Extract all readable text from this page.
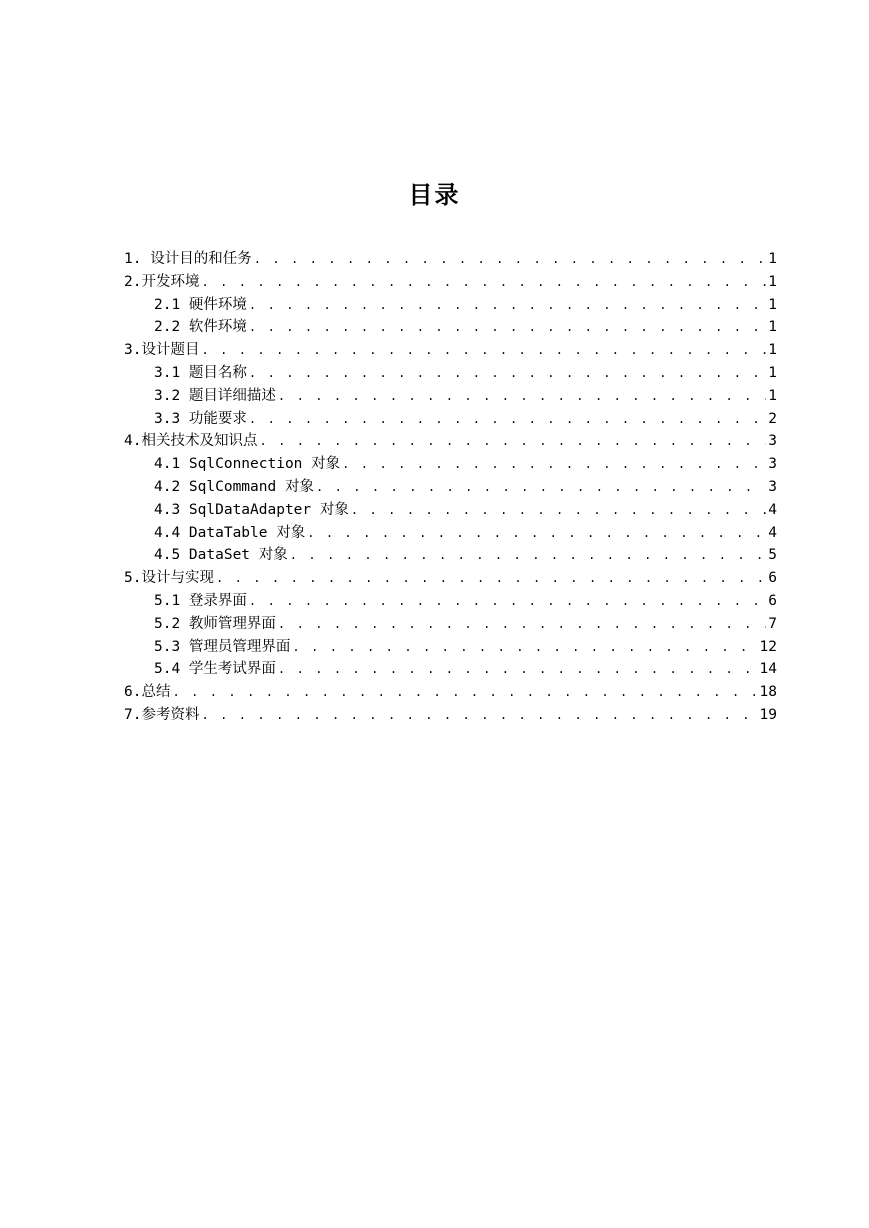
目录
1. 设计目的和任务 . . .	1
2.开发环境 . . .	1
2.1 硬件环境 . . .	1
2.2 软件环境 . . .	1
3.设计题目 . . .	1
3.1 题目名称 . . .	1
3.2 题目详细描述 . . .	1
3.3 功能要求 . . .	2
4.相关技术及知识点 . . .	3
4.1 SqlConnection 对象 . . .	3
4.2 SqlCommand 对象 . . .	3
4.3 SqlDataAdapter 对象 . . .	4
4.4 DataTable 对象 . . .	4
4.5 DataSet 对象 . . .	5
5.设计与实现 . . .	6
5.1 登录界面 . . .	6
5.2 教师管理界面 . . .	7
5.3 管理员管理界面 . . .	12
5.4 学生考试界面 . . .	14
6.总结 . . .	18
7.参考资料 . . .	19
